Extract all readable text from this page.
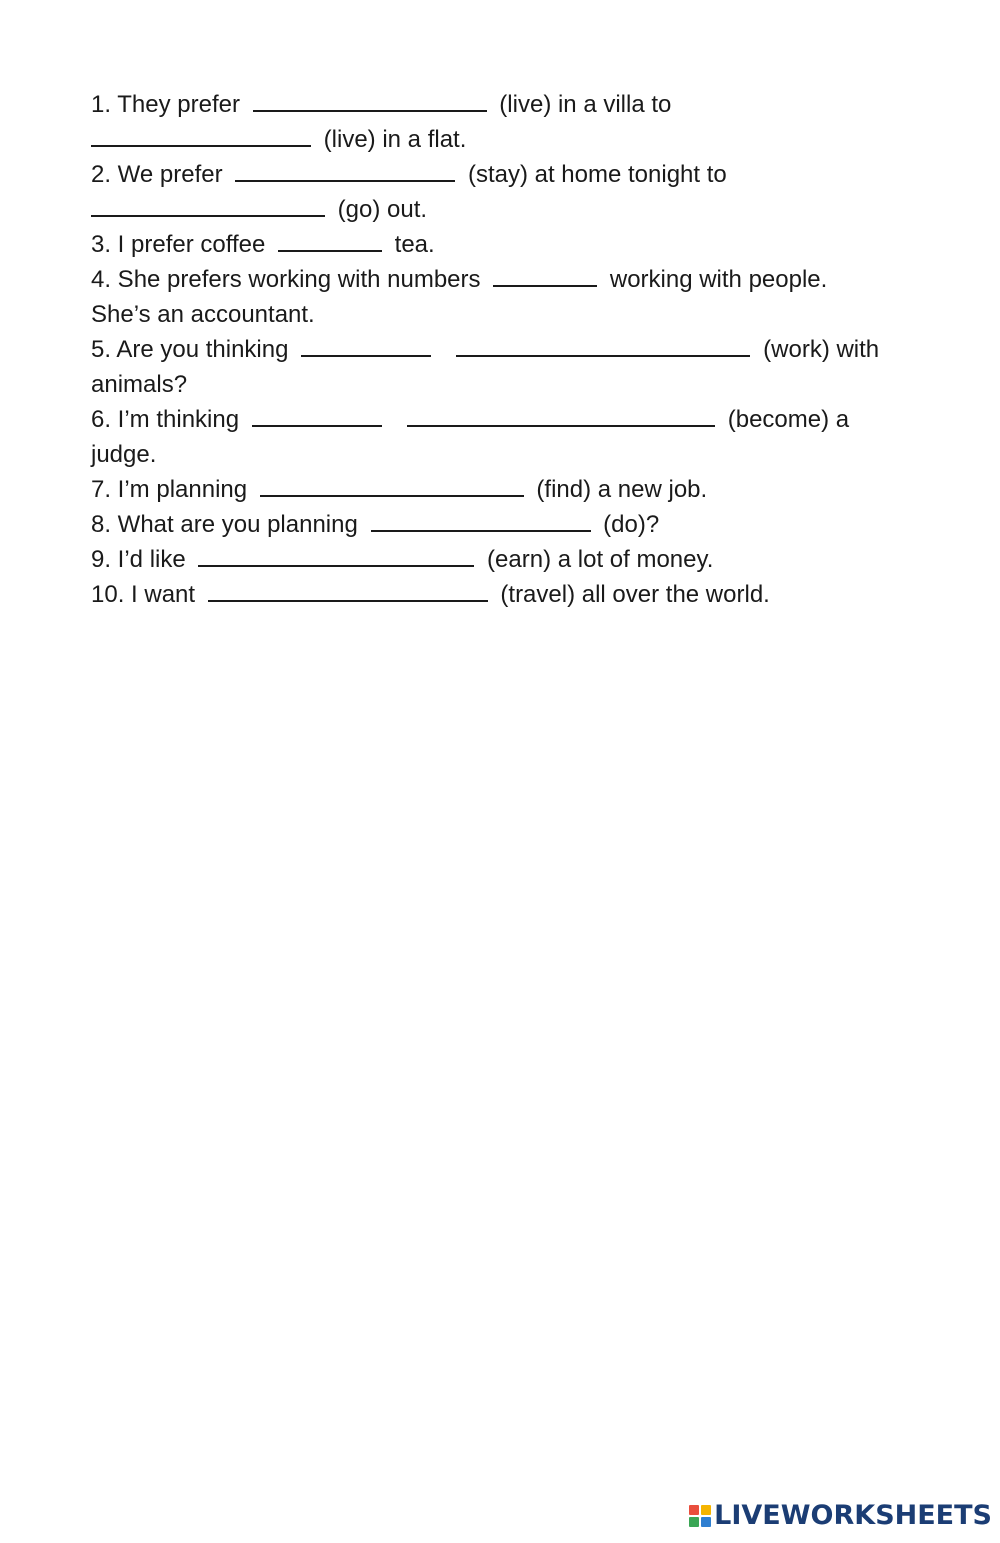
1. They prefer	(live) in a villa to
(live) in a flat.
2. We prefer	(stay) at home tonight to
(go) out.
3. I prefer coffee	tea.
4. She prefers working with numbers	working with people.
She’s an accountant.
5. Are you thinking	(work) with
animals?
6. I’m thinking	(become) a
judge.
7. I’m planning	(find) a new job.
8. What are you planning	(do)?
9. I’d like	(earn) a lot of money.
10. I want	(travel) all over the world.
LIVEWORKSHEETS
